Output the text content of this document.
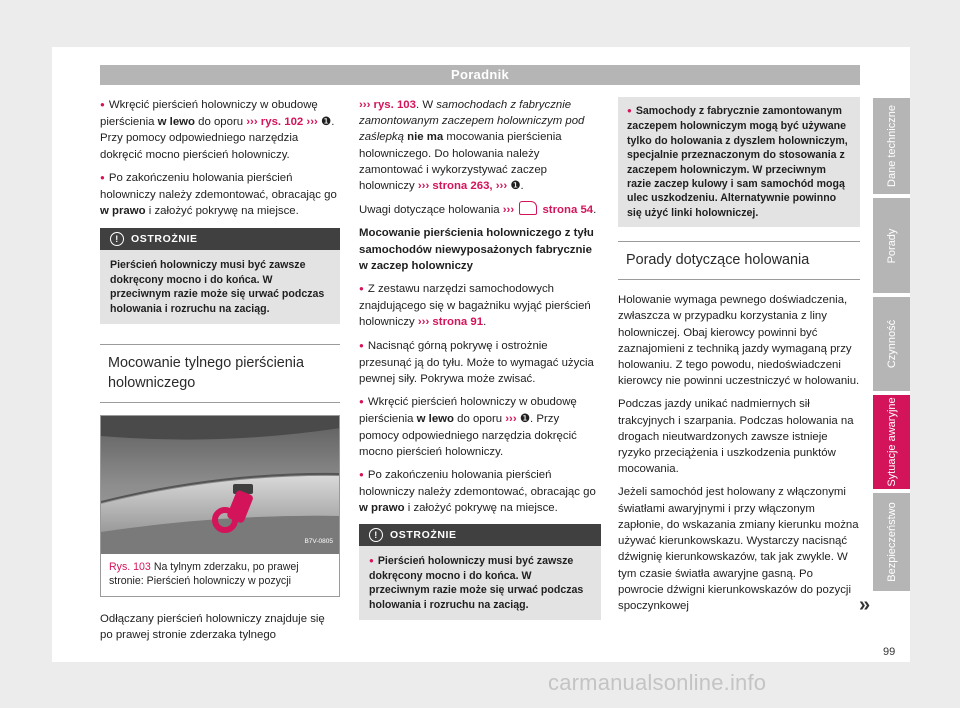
Poradnik

● Wkręcić pierścień holowniczy w obudowę pierścienia w lewo do oporu ››› rys. 102 ››› ❶. Przy pomocy odpowiedniego narzędzia dokręcić mocno pierścień holowniczy.

● Po zakończeniu holowania pierścień holowniczy należy zdemontować, obracając go w prawo i założyć pokrywę na miejsce.

! OSTROŻNIE
Pierścień holowniczy musi być zawsze dokręcony mocno i do końca. W przeciwnym razie może się urwać podczas holowania i rozruchu na zaciąg.
Mocowanie tylnego pierścienia holowniczego
B7V-0805
Rys. 103 Na tylnym zderzaku, po prawej stronie: Pierścień holowniczy w pozycji

Odłączany pierścień holowniczy znajduje się po prawej stronie zderzaka tylnego

››› rys. 103. W samochodach z fabrycznie zamontowanym zaczepem holowniczym pod zaślepką nie ma mocowania pierścienia holowniczego. Do holowania należy zamontować i wykorzystywać zaczep holowniczy ››› strona 263, ››› ❶.

Uwagi dotyczące holowania ››› strona 54.

Mocowanie pierścienia holowniczego z tyłu samochodów niewyposażonych fabrycznie w zaczep holowniczy

● Z zestawu narzędzi samochodowych znajdującego się w bagażniku wyjąć pierścień holowniczy ››› strona 91.

● Nacisnąć górną pokrywę i ostrożnie przesunąć ją do tyłu. Może to wymagać użycia pewnej siły. Pokrywa może zwisać.

● Wkręcić pierścień holowniczy w obudowę pierścienia w lewo do oporu ››› ❶. Przy pomocy odpowiedniego narzędzia dokręcić mocno pierścień holowniczy.

● Po zakończeniu holowania pierścień holowniczy należy zdemontować, obracając go w prawo i założyć pokrywę na miejsce.

! OSTROŻNIE
● Pierścień holowniczy musi być zawsze dokręcony mocno i do końca. W przeciwnym razie może się urwać podczas holowania i rozruchu na zaciąg.
● Samochody z fabrycznie zamontowanym zaczepem holowniczym mogą być używane tylko do holowania z dyszlem holowniczym, specjalnie przeznaczonym do stosowania z zaczepem holowniczym. W przeciwnym razie zaczep kulowy i sam samochód mogą ulec uszkodzeniu. Alternatywnie powinno się użyć linki holowniczej.
Porady dotyczące holowania

Holowanie wymaga pewnego doświadczenia, zwłaszcza w przypadku korzystania z liny holowniczej. Obaj kierowcy powinni być zaznajomieni z techniką jazdy wymaganą przy holowaniu. Z tego powodu, niedoświadczeni kierowcy nie powinni uczestniczyć w holowaniu.

Podczas jazdy unikać nadmiernych sił trakcyjnych i szarpania. Podczas holowania na drogach nieutwardzonych zawsze istnieje ryzyko przeciążenia i uszkodzenia punktów mocowania.

Jeżeli samochód jest holowany z włączonymi światłami awaryjnymi i przy włączonym zapłonie, do wskazania zmiany kierunku można używać kierunkowskazu. Wystarczy nacisnąć dźwignię kierunkowskazów, tak jak zwykle. W tym czasie światła awaryjne gasną. Po powrocie dźwigni kierunkowskazów do pozycji spoczynkowej	»
Dane techniczne
Porady
Czynność
Sytuacje awaryjne
Bezpieczeństwo
99
carmanualsonline.info
